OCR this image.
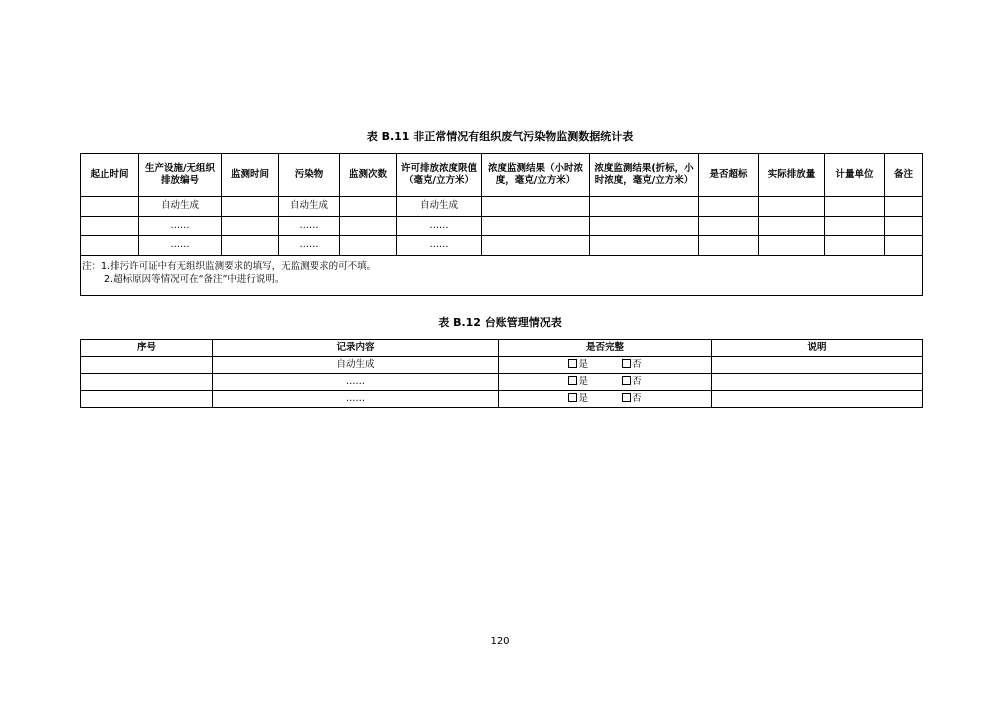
表 B.11 非正常情况有组织废气污染物监测数据统计表
起止时间	生产设施/无组织排放编号	监测时间	污染物	监测次数	许可排放浓度限值（毫克/立方米）	浓度监测结果（小时浓度，毫克/立方米）	浓度监测结果(折标，小时浓度，毫克/立方米）	是否超标	实际排放量	计量单位	备注
	自动生成		自动生成		自动生成						
	……		……		……						
	……		……		……						

注：1.排污许可证中有无组织监测要求的填写，无监测要求的可不填。
2.超标原因等情况可在“备注”中进行说明。											
表 B.12 台账管理情况表
序号	记录内容	是否完整	说明
	自动生成	是 否	
	……	是 否	
	……	是 否	
120
